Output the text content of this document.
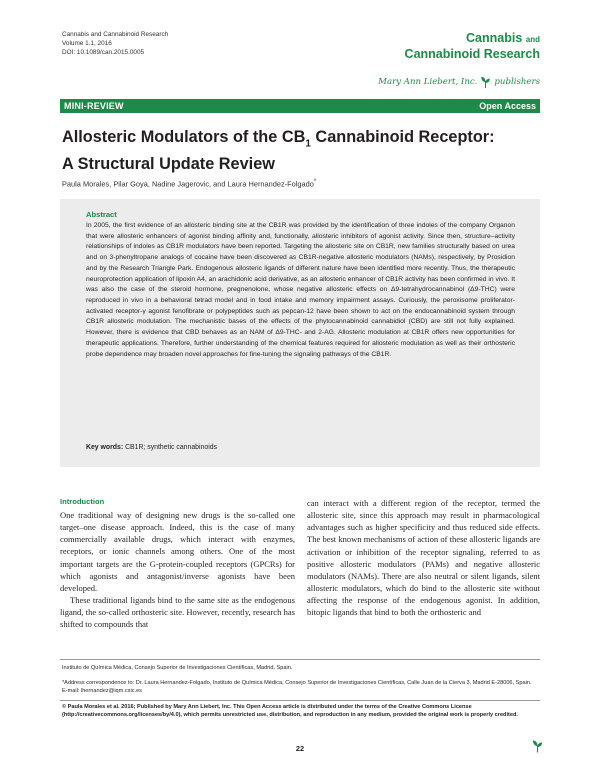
Cannabis and Cannabinoid Research
Volume 1.1, 2016
DOI: 10.1089/can.2015.0005
Cannabis and
Cannabinoid Research
Mary Ann Liebert, Inc. publishers
MINI-REVIEW	Open Access
Allosteric Modulators of the $CB_1$ Cannabinoid Receptor:
A Structural Update Review
Paula Morales, Pilar Goya, Nadine Jagerovic, and Laura Hernandez-Folgado*
Abstract
In 2005, the first evidence of an allosteric binding site at the CB1R was provided by the identification of three indoles of the company Organon that were allosteric enhancers of agonist binding affinity and, functionally, allosteric inhibitors of agonist activity. Since then, structure–activity relationships of indoles as CB1R modulators have been reported. Targeting the allosteric site on CB1R, new families structurally based on urea and on 3-phenyltropane analogs of cocaine have been discovered as CB1R-negative allosteric modulators (NAMs), respectively, by Prosidion and by the Research Triangle Park. Endogenous allosteric ligands of different nature have been identified more recently. Thus, the therapeutic neuroprotection application of lipoxin A4, an arachidonic acid derivative, as an allosteric enhancer of CB1R activity has been confirmed in vivo. It was also the case of the steroid hormone, pregnenolone, whose negative allosteric effects on Δ9-tetrahydrocannabinol (Δ9-THC) were reproduced in vivo in a behavioral tetrad model and in food intake and memory impairment assays. Curiously, the peroxisome proliferator-activated receptor-γ agonist fenofibrate or polypeptides such as pepcan-12 have been shown to act on the endocannabinoid system through CB1R allosteric modulation. The mechanistic bases of the effects of the phytocannabinoid cannabidiol (CBD) are still not fully explained. However, there is evidence that CBD behaves as an NAM of Δ9-THC- and 2-AG. Allosteric modulation at CB1R offers new opportunities for therapeutic applications. Therefore, further understanding of the chemical features required for allosteric modulation as well as their orthosteric probe dependence may broaden novel approaches for fine-tuning the signaling pathways of the CB1R.
Key words: CB1R; synthetic cannabinoids
Introduction
One traditional way of designing new drugs is the so-called one target–one disease approach. Indeed, this is the case of many commercially available drugs, which interact with enzymes, receptors, or ionic channels among others. One of the most important targets are the G-protein-coupled receptors (GPCRs) for which agonists and antagonist/inverse agonists have been developed.
These traditional ligands bind to the same site as the endogenous ligand, the so-called orthosteric site. However, recently, research has shifted to compounds that
can interact with a different region of the receptor, termed the allosteric site, since this approach may result in pharmacological advantages such as higher specificity and thus reduced side effects. The best known mechanisms of action of these allosteric ligands are activation or inhibition of the receptor signaling, referred to as positive allosteric modulators (PAMs) and negative allosteric modulators (NAMs). There are also neutral or silent ligands, silent allosteric modulators, which do bind to the allosteric site without affecting the response of the endogenous agonist. In addition, bitopic ligands that bind to both the orthosteric and
Instituto de Química Médica, Consejo Superior de Investigaciones Científicas, Madrid, Spain.
*Address correspondence to: Dr. Laura Hernandez-Folgado, Instituto de Química Médica, Consejo Superior de Investigaciones Científicas, Calle Juan de la Cierva 3, Madrid E-28006, Spain. E-mail: lhernandez@iqm.csic.es
© Paula Morales et al. 2016; Published by Mary Ann Liebert, Inc. This Open Access article is distributed under the terms of the Creative Commons License (http://creativecommons.org/licenses/by/4.0), which permits unrestricted use, distribution, and reproduction in any medium, provided the original work is properly credited.
22
